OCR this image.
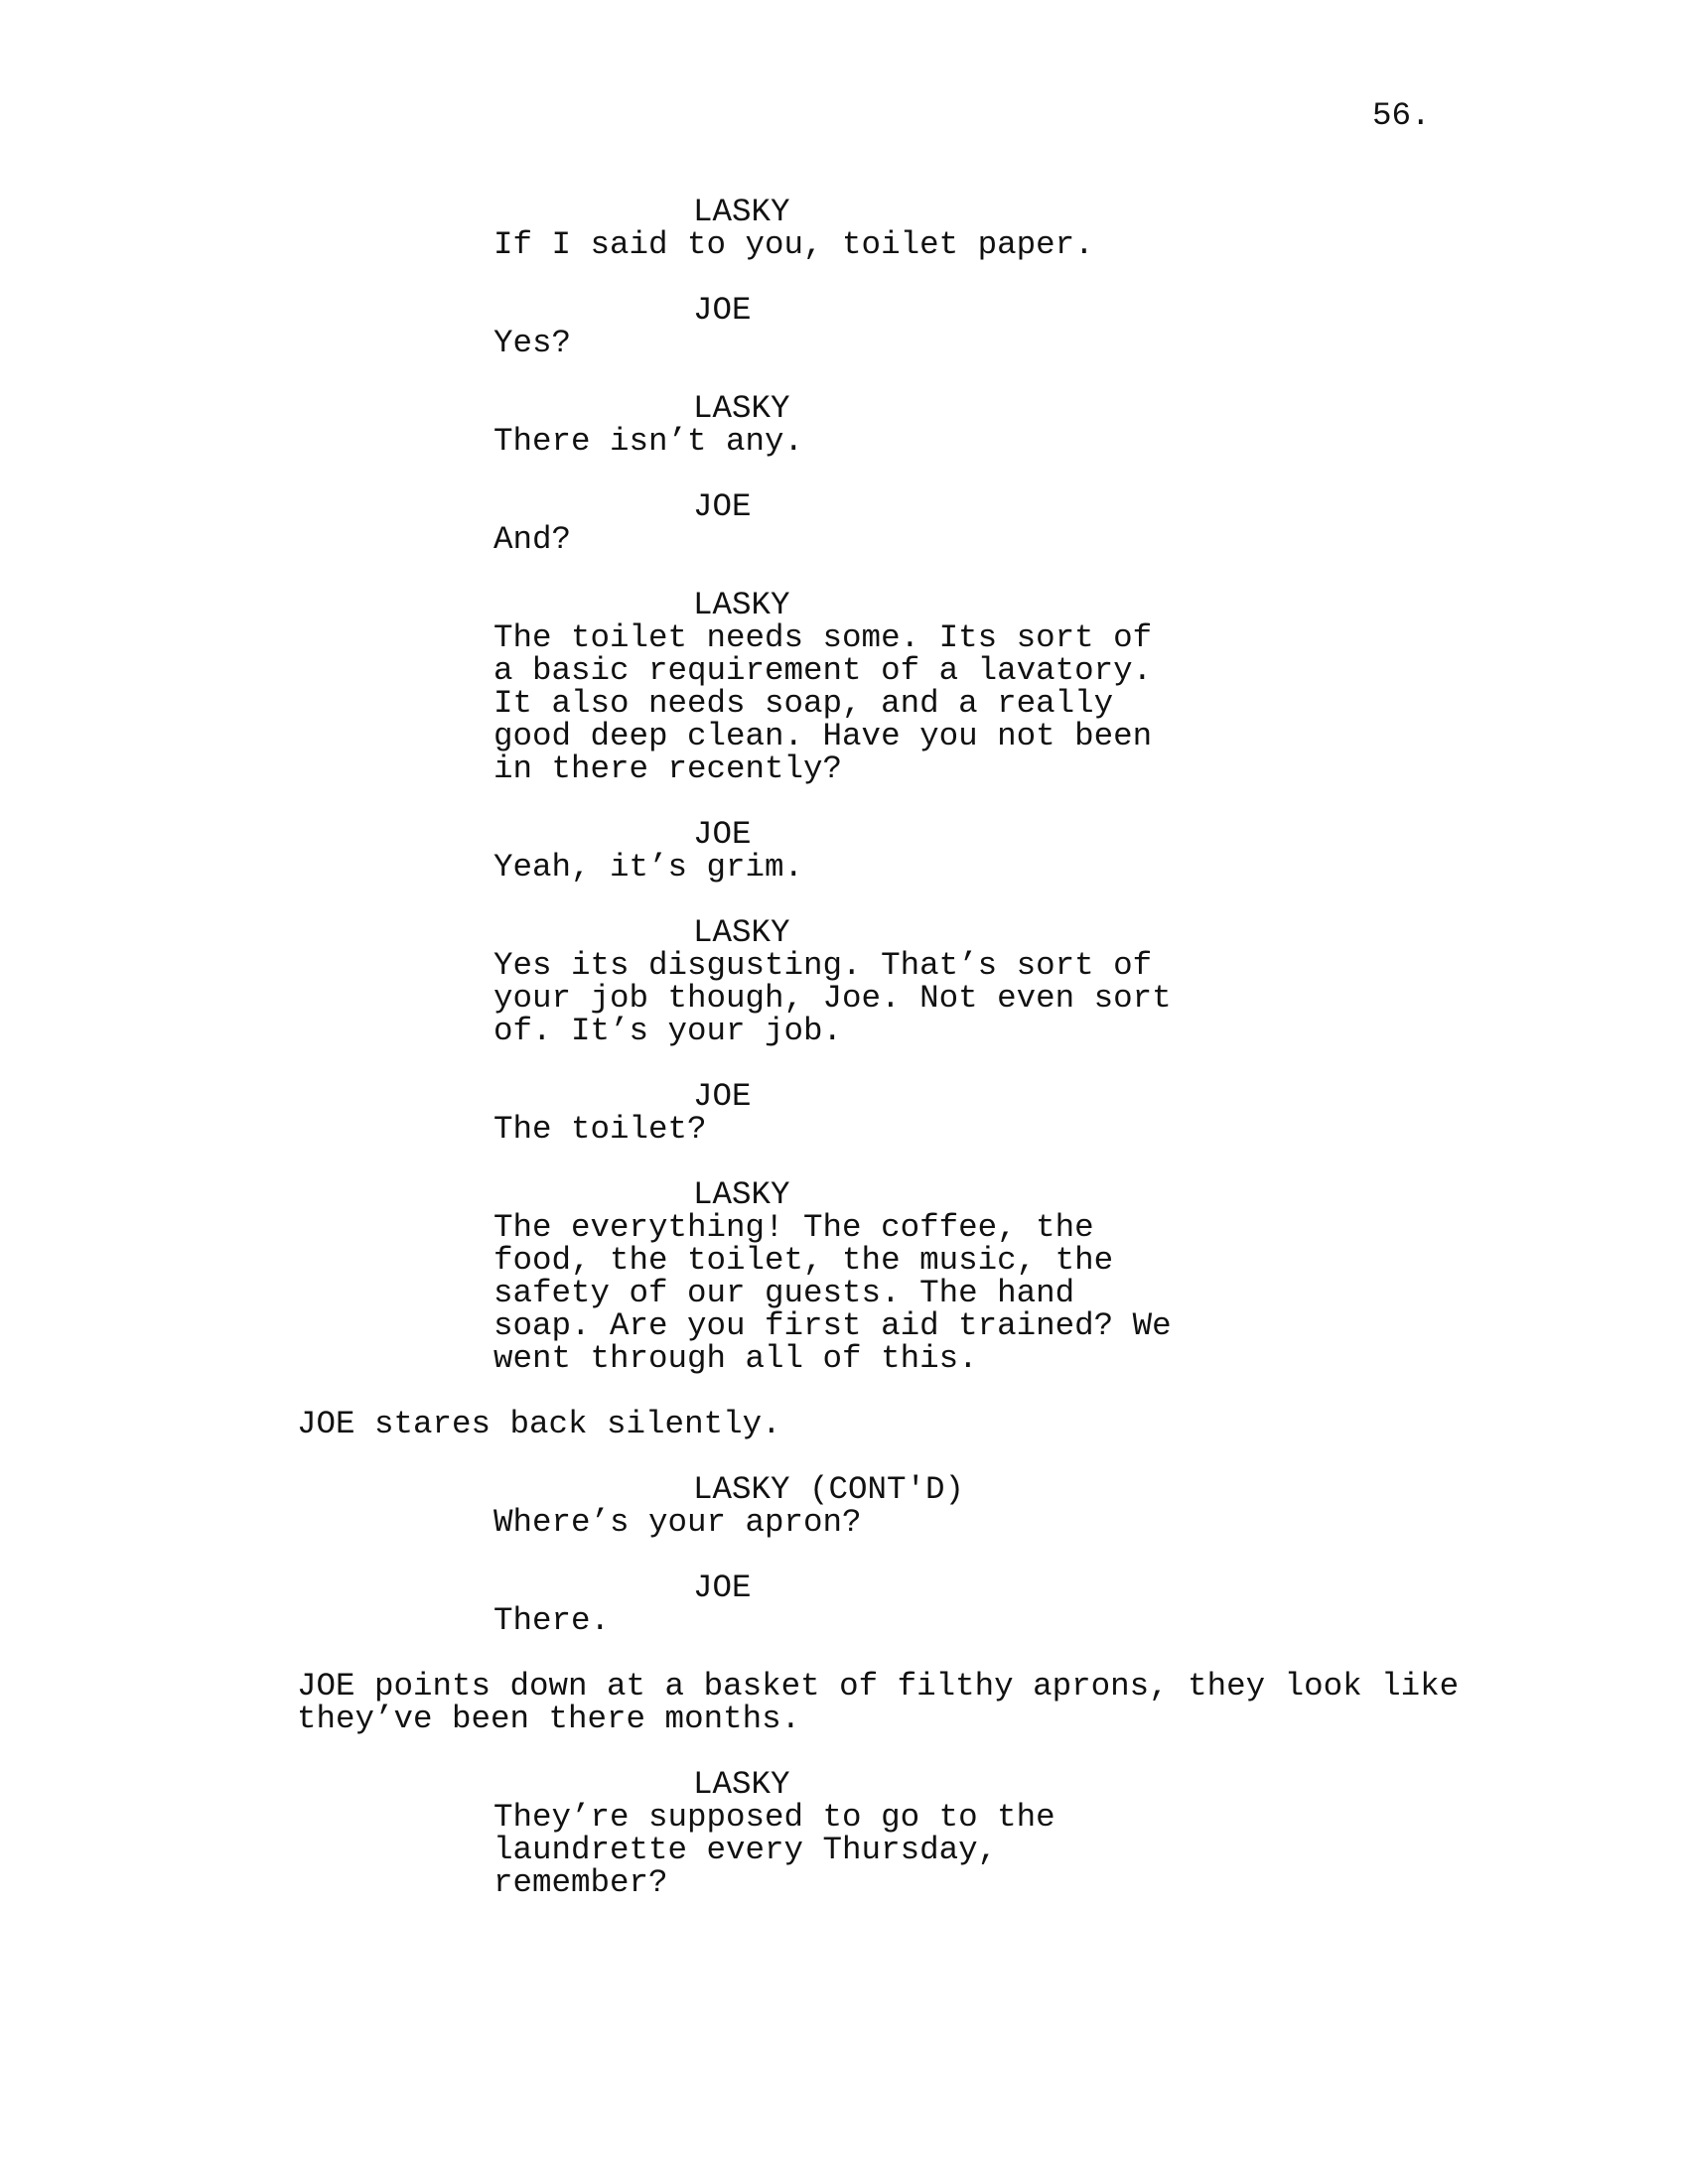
56.
LASKY
If I said to you, toilet paper.
JOE
Yes?
LASKY
There isn’t any.
JOE
And?
LASKY
The toilet needs some. Its sort of
a basic requirement of a lavatory.
It also needs soap, and a really
good deep clean. Have you not been
in there recently?
JOE
Yeah, it’s grim.
LASKY
Yes its disgusting. That’s sort of
your job though, Joe. Not even sort
of. It’s your job.
JOE
The toilet?
LASKY
The everything! The coffee, the
food, the toilet, the music, the
safety of our guests. The hand
soap. Are you first aid trained? We
went through all of this.
JOE stares back silently.
LASKY (CONT'D)
Where’s your apron?
JOE
There.
JOE points down at a basket of filthy aprons, they look like
they’ve been there months.
LASKY
They’re supposed to go to the
laundrette every Thursday,
remember?
